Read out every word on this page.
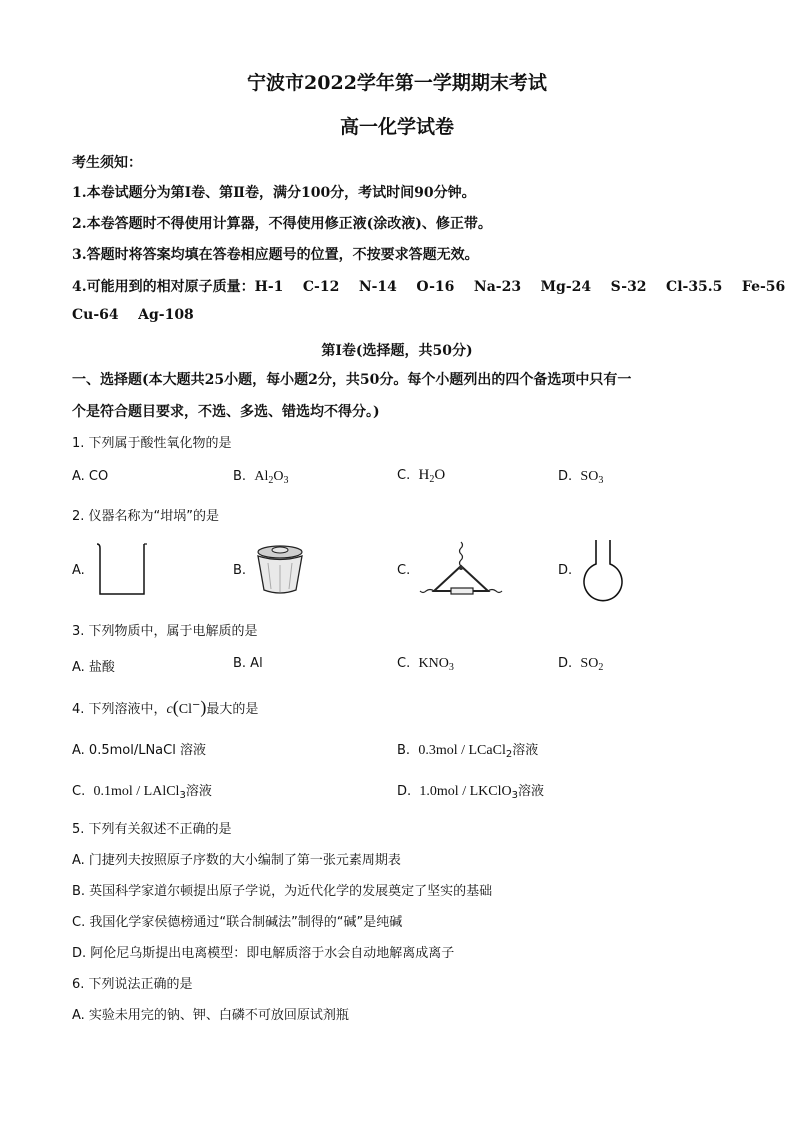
宁波市2022学年第一学期期末考试
高一化学试卷
考生须知：
1.本卷试题分为第Ⅰ卷、第Ⅱ卷，满分100分，考试时间90分钟。
2.本卷答题时不得使用计算器，不得使用修正液(涂改液)、修正带。
3.答题时将答案均填在答卷相应题号的位置，不按要求答题无效。
4.可能用到的相对原子质量：H-1    C-12    N-14    O-16    Na-23    Mg-24    S-32    Cl-35.5    Fe-56
Cu-64    Ag-108
第Ⅰ卷(选择题，共50分)
一、选择题(本大题共25小题，每小题2分，共50分。每个小题列出的四个备选项中只有一
个是符合题目要求，不选、多选、错选均不得分。)
1. 下列属于酸性氧化物的是
A. CO	B. $Al_2O_3$	C. $H_2O$	D. $SO_3$
2. 仪器名称为“坩埚”的是
A.	B.	C.	D.
3. 下列物质中，属于电解质的是
A. 盐酸	B. Al	C. $KNO_3$	D. $SO_2$
4. 下列溶液中，c(Cl−)最大的是
A. 0.5mol/LNaCl 溶液	B. 0.3mol / LCaCl$_2$溶液
C. 0.1mol / LAlCl$_3$溶液	D. 1.0mol / LKClO$_3$溶液
5. 下列有关叙述不正确的是
A. 门捷列夫按照原子序数的大小编制了第一张元素周期表
B. 英国科学家道尔顿提出原子学说，为近代化学的发展奠定了坚实的基础
C. 我国化学家侯德榜通过“联合制碱法”制得的“碱”是纯碱
D. 阿伦尼乌斯提出电离模型：即电解质溶于水会自动地解离成离子
6. 下列说法正确的是
A. 实验未用完的钠、钾、白磷不可放回原试剂瓶
